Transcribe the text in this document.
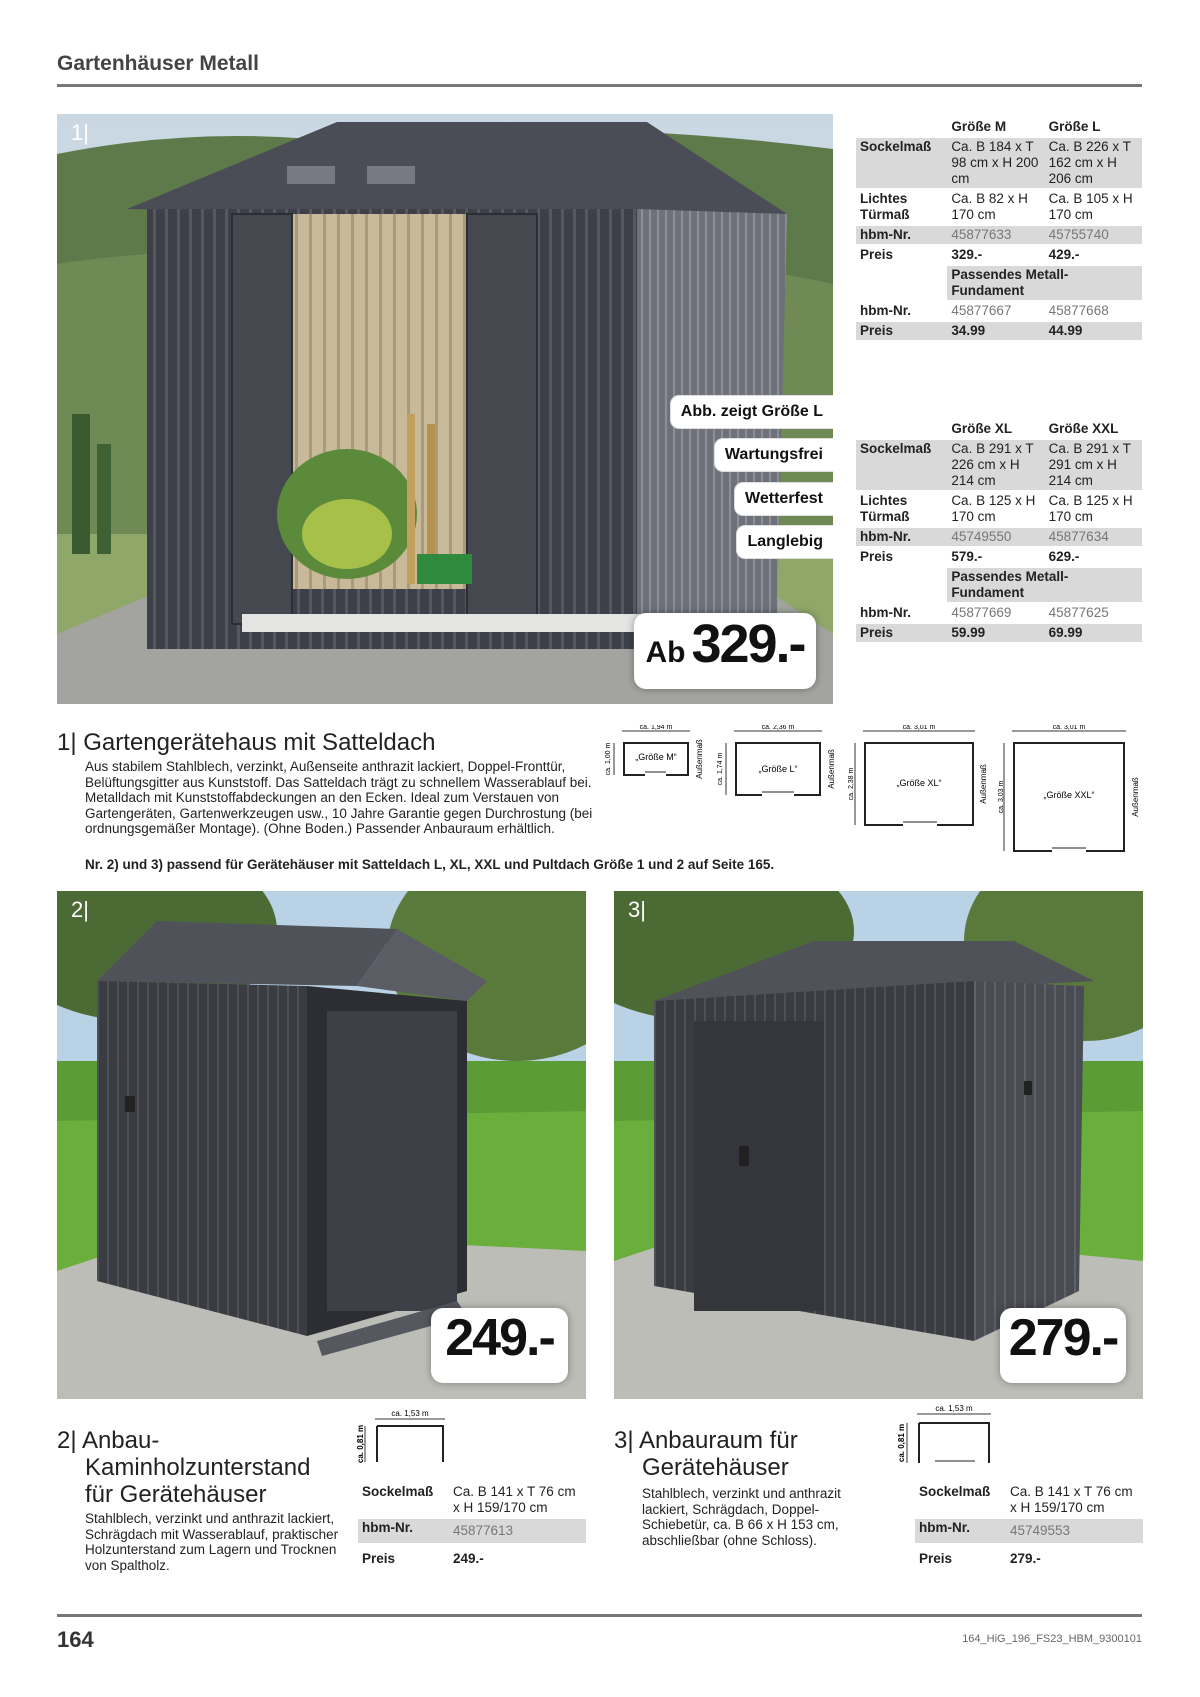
Gartenhäuser Metall
1|
Abb. zeigt Größe L
Wartungsfrei
Wetterfest
Langlebig
Ab 329.-
	Größe M	Größe L
Sockelmaß	Ca. B 184 x T 98 cm x H 200 cm	Ca. B 226 x T 162 cm x H 206 cm
Lichtes Türmaß	Ca. B 82 x H 170 cm	Ca. B 105 x H 170 cm
hbm-Nr.	45877633	45755740
Preis	329.-	429.-
	Passendes Metall-Fundament	
hbm-Nr.	45877667	45877668
Preis	34.99	44.99
	Größe XL	Größe XXL
Sockelmaß	Ca. B 291 x T 226 cm x H 214 cm	Ca. B 291 x T 291 cm x H 214 cm
Lichtes Türmaß	Ca. B 125 x H 170 cm	Ca. B 125 x H 170 cm
hbm-Nr.	45749550	45877634
Preis	579.-	629.-
	Passendes Metall-Fundament	
hbm-Nr.	45877669	45877625
Preis	59.99	69.99
1| Gartengerätehaus mit Satteldach
Aus stabilem Stahlblech, verzinkt, Außenseite anthrazit lackiert, Doppel-Fronttür, Belüftungsgitter aus Kunststoff. Das Satteldach trägt zu schnellem Wasserablauf bei. Metalldach mit Kunststoffabdeckungen an den Ecken. Ideal zum Verstauen von Gartengeräten, Gartenwerkzeugen usw., 10 Jahre Garantie gegen Durchrostung (bei ordnungsgemäßer Montage). (Ohne Boden.) Passender Anbauraum erhältlich.
Nr. 2) und 3) passend für Gerätehäuser mit Satteldach L, XL, XXL und Pultdach Größe 1 und 2 auf Seite 165.
ca. 1,94 m
„Größe M“
ca. 1,00 m	Außenmaß
ca. 2,36 m
„Größe L“
ca. 1,74 m	Außenmaß
ca. 3,01 m
„Größe XL“
ca. 2,38 m	Außenmaß
ca. 3,01 m
„Größe XXL“
ca. 3,03 m	Außenmaß
2|
249.-
3|
279.-
2| Anbau-
Kaminholzunterstand
für Gerätehäuser
Stahlblech, verzinkt und anthrazit lackiert, Schrägdach mit Wasserablauf, praktischer Holzunterstand zum Lagern und Trocknen von Spaltholz.
ca. 1,53 m
ca. 0,81 m
Sockelmaß	Ca. B 141 x T 76 cm x H 159/170 cm
hbm-Nr.	45877613
Preis	249.-
3| Anbauraum für
Gerätehäuser
Stahlblech, verzinkt und anthrazit lackiert, Schrägdach, Doppel-Schiebetür, ca. B 66 x H 153 cm, abschließbar (ohne Schloss).
ca. 1,53 m
ca. 0,81 m
Sockelmaß	Ca. B 141 x T 76 cm x H 159/170 cm
hbm-Nr.	45749553
Preis	279.-
164	164_HiG_196_FS23_HBM_9300101
